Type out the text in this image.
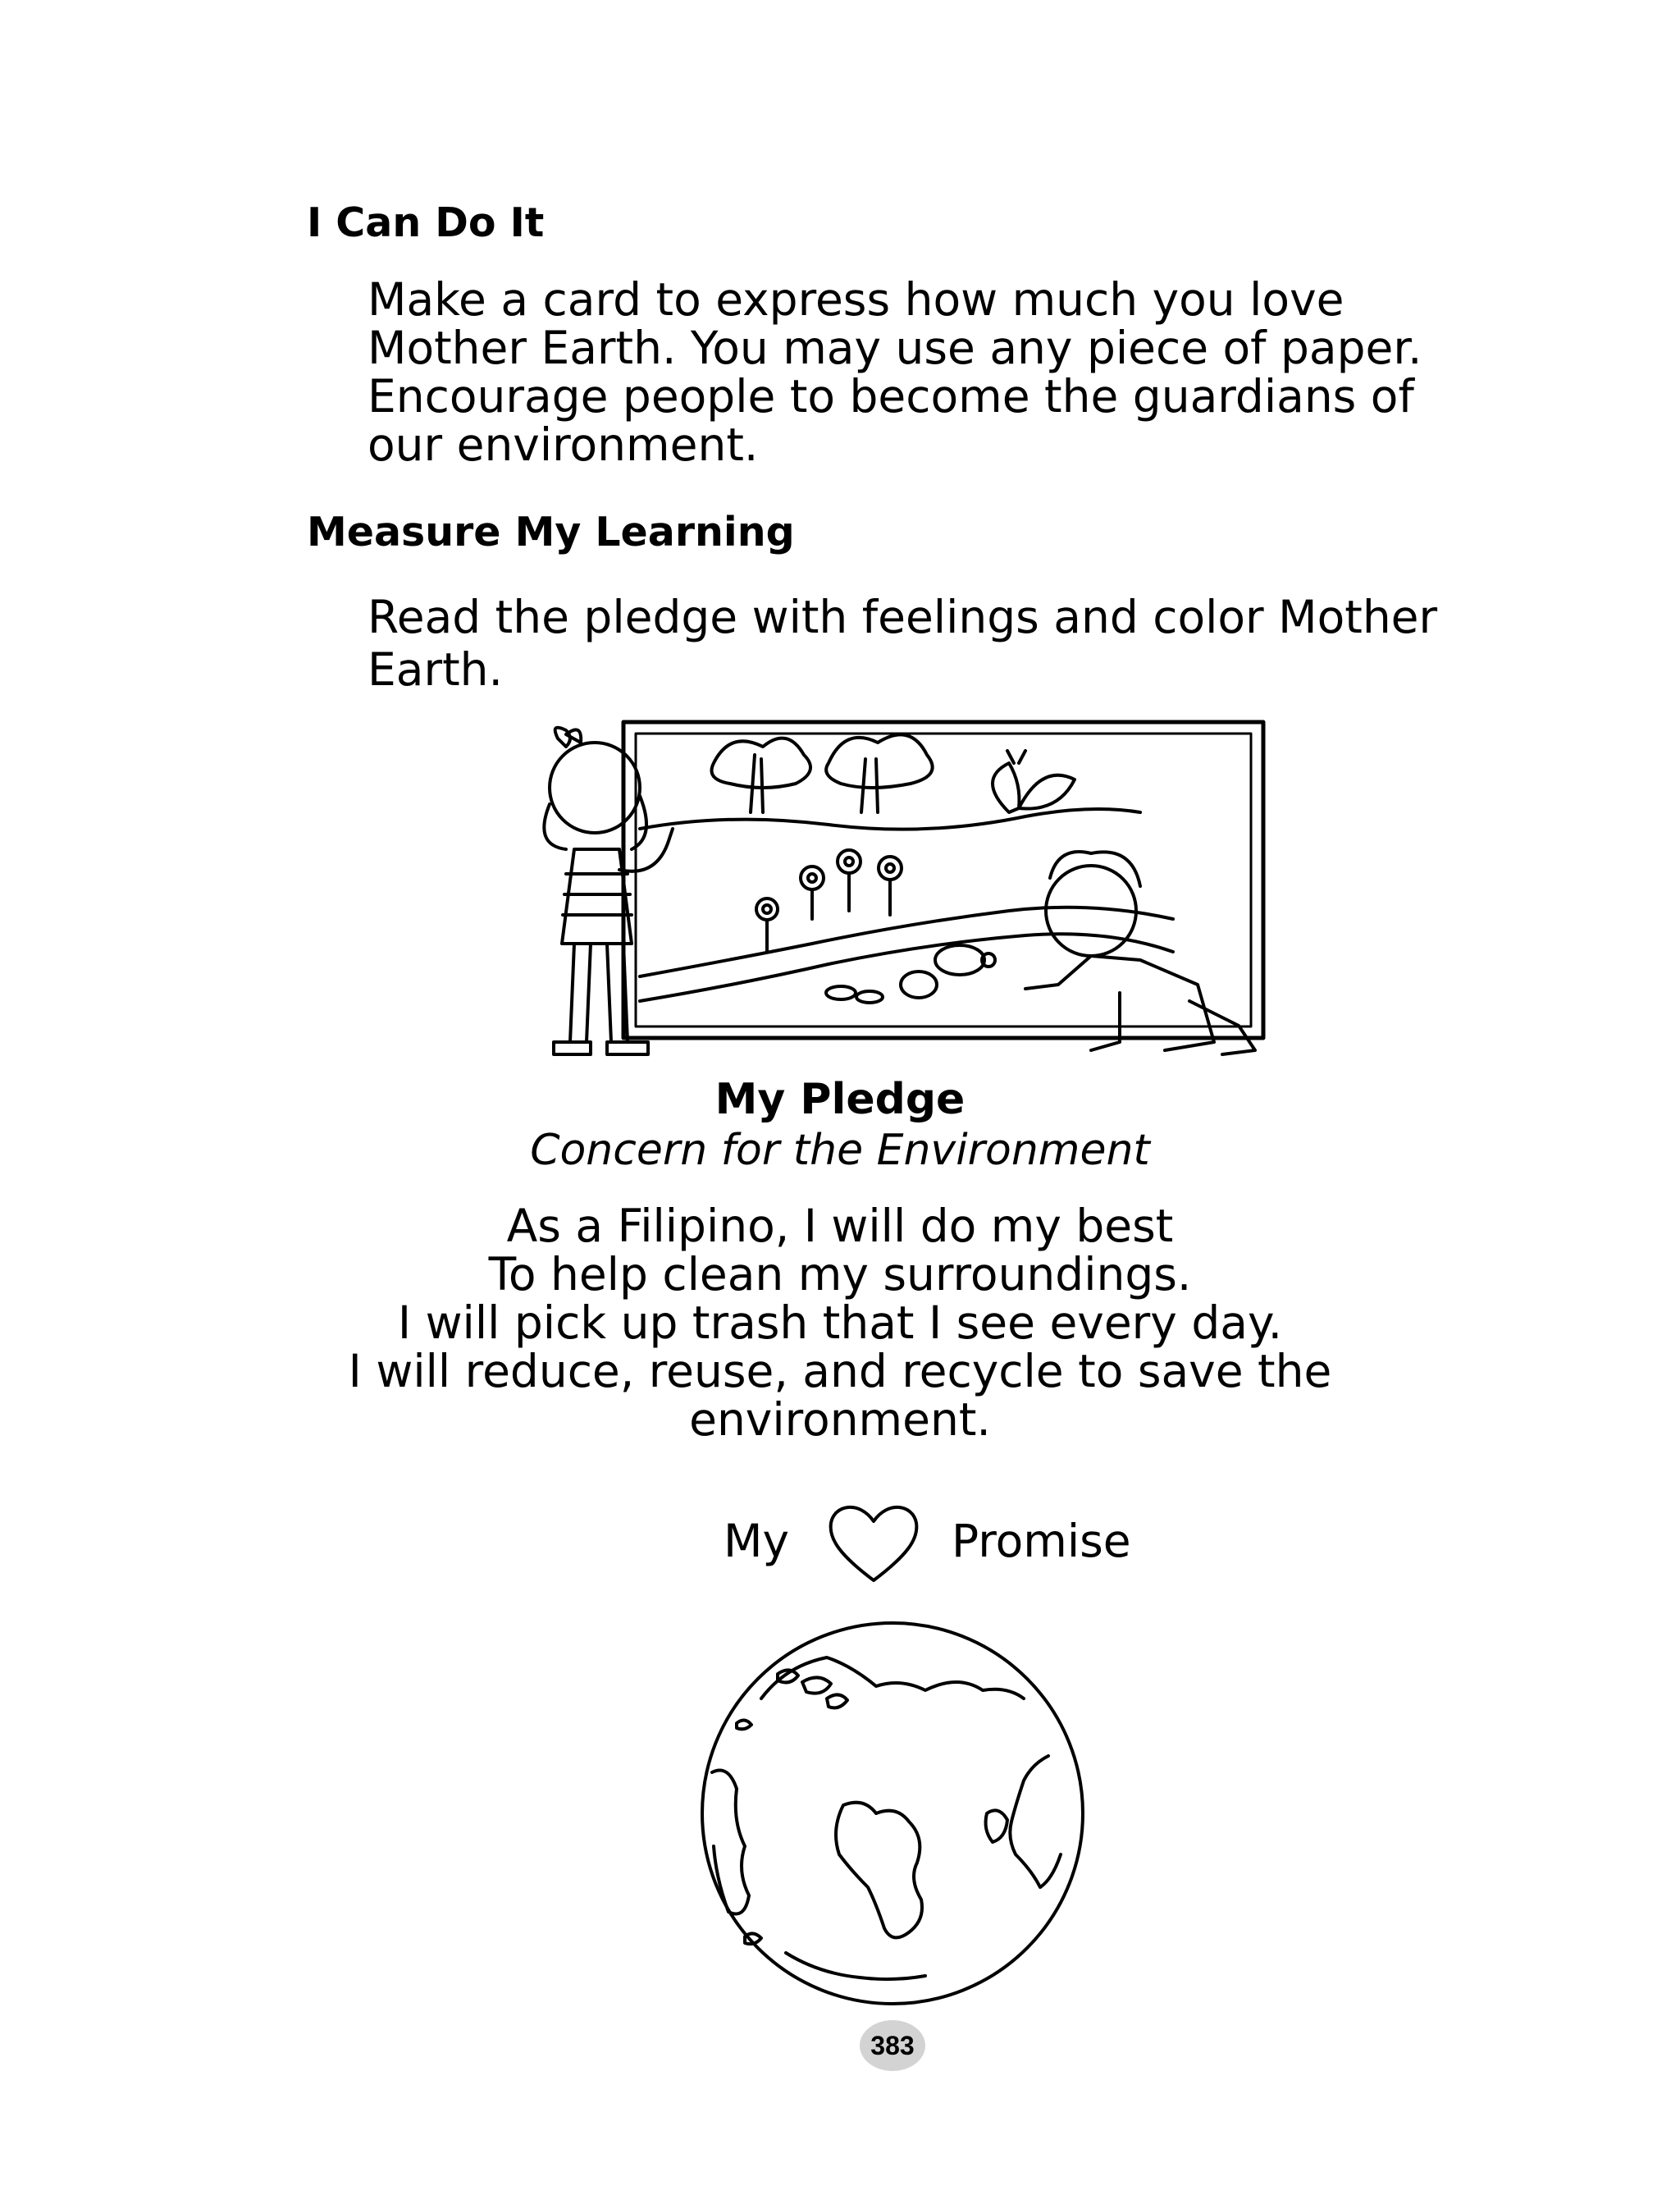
I Can Do It

Make a card to express how much you love
Mother Earth. You may use any piece of paper.
Encourage people to become the guardians of
our environment.

Measure My Learning

Read the pledge with feelings and color Mother
Earth.

My Pledge
Concern for the Environment
As a Filipino, I will do my best
To help clean my surroundings.
I will pick up trash that I see every day.
I will reduce, reuse, and recycle to save the
environment.
My	Promise
383
